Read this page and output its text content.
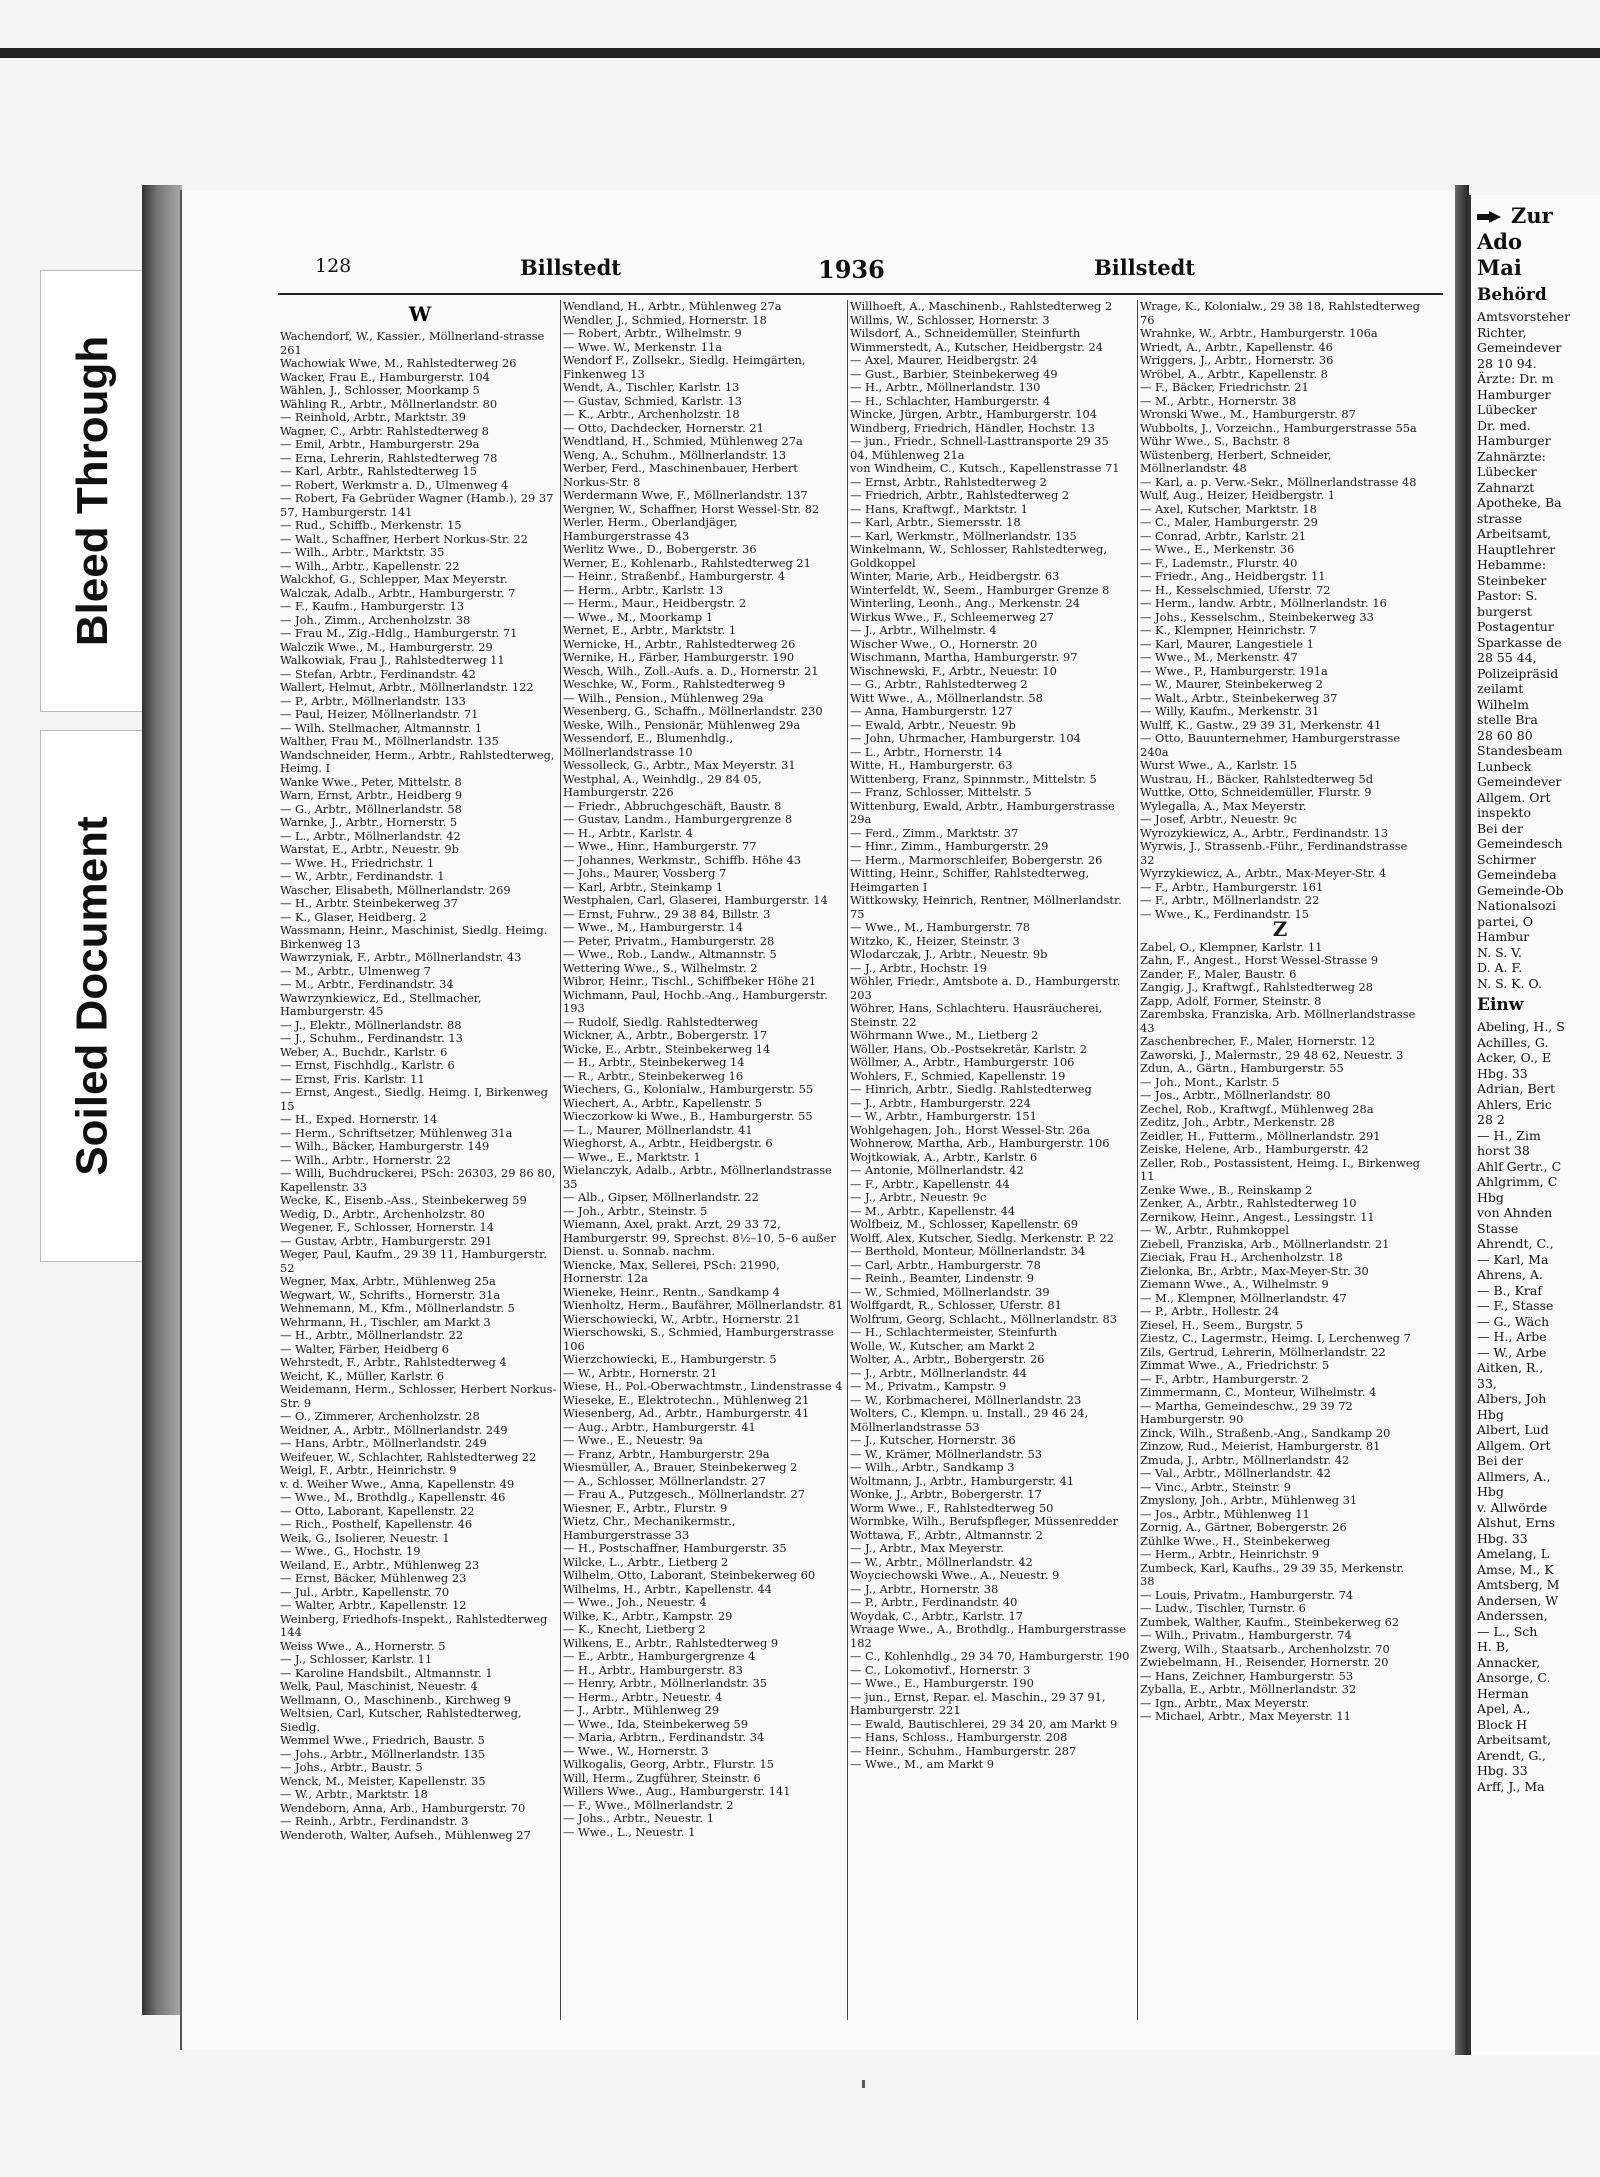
Bleed Through
Soiled Document
Zur
Ado
Mai
Behörd
Amtsvorsteher
Richter,
Gemeindever
28 10 94.
Ärzte: Dr. m
Hamburger
Lübecker
Dr. med.
Hamburger
Zahnärzte:
Lübecker
Zahnarzt
Apotheke, Ba
strasse
Arbeitsamt,
Hauptlehrer
Hebamme:
Steinbeker
Pastor: S.
burgerst
Postagentur
Sparkasse de
28 55 44,
Polizeipräsid
zeilamt
Wilhelm
stelle Bra
28 60 80
Standesbeam
Lunbeck
Gemeindever
Allgem. Ort
inspekto
Bei der
Gemeindesch
Schirmer
Gemeindeba
Gemeinde-Ob
Nationalsozi
partei, O
Hambur
N. S. V.
D. A. F.
N. S. K. O.
Einw
Abeling, H., S
Achilles, G.
Acker, O., E
Hbg. 33
Adrian, Bert
Ahlers, Eric
28 2
— H., Zim
horst 38
Ahlf Gertr., C
Ahlgrimm, C
Hbg
von Ahnden
Stasse
Ahrendt, C.,
— Karl, Ma
Ahrens, A.
— B., Kraf
— F., Stasse
— G., Wäch
— H., Arbe
— W., Arbe
Aitken, R.,
33,
Albers, Joh
Hbg
Albert, Lud
Allgem. Ort
Bei der
Allmers, A.,
Hbg
v. Allwörde
Alshut, Erns
Hbg. 33
Amelang, L
Amse, M., K
Amtsberg, M
Andersen, W
Anderssen,
— L., Sch
H. B,
Annacker,
Ansorge, C.
Herman
Apel, A.,
Block H
Arbeitsamt,
Arendt, G.,
Hbg. 33
Arff, J., Ma
128	Billstedt	1936	Billstedt
W
Wachendorf, W., Kassier., Möllnerland-strasse 261
Wachowiak Wwe, M., Rahlstedterweg 26
Wacker, Frau E., Hamburgerstr. 104
Wählen, J., Schlosser, Moorkamp 5
Wähling R., Arbtr., Möllnerlandstr. 80
— Reinhold, Arbtr., Marktstr. 39
Wagner, C., Arbtr. Rahlstedterweg 8
— Emil, Arbtr., Hamburgerstr. 29a
— Erna, Lehrerin, Rahlstedterweg 78
— Karl, Arbtr., Rahlstedterweg 15
— Robert, Werkmstr a. D., Ulmenweg 4
— Robert, Fa Gebrüder Wagner (Hamb.), 29 37 57, Hamburgerstr. 141
— Rud., Schiffb., Merkenstr. 15
— Walt., Schaffner, Herbert Norkus-Str. 22
— Wilh., Arbtr., Marktstr. 35
— Wilh., Arbtr., Kapellenstr. 22
Walckhof, G., Schlepper, Max Meyerstr.
Walczak, Adalb., Arbtr., Hamburgerstr. 7
— F., Kaufm., Hamburgerstr. 13
— Joh., Zimm., Archenholzstr. 38
— Frau M., Zig.-Hdlg., Hamburgerstr. 71
Walczik Wwe., M., Hamburgerstr. 29
Walkowiak, Frau J., Rahlstedterweg 11
— Stefan, Arbtr., Ferdinandstr. 42
Wallert, Helmut, Arbtr., Möllnerlandstr. 122
— P., Arbtr., Möllnerlandstr. 133
— Paul, Heizer, Möllnerlandstr. 71
— Wilh. Stellmacher, Altmannstr. 1
Walther, Frau M., Möllnerlandstr. 135
Wandschneider, Herm., Arbtr., Rahlstedterweg, Heimg. I
Wanke Wwe., Peter, Mittelstr. 8
Warn, Ernst, Arbtr., Heidberg 9
— G., Arbtr., Möllnerlandstr. 58
Warnke, J., Arbtr., Hornerstr. 5
— L., Arbtr., Möllnerlandstr. 42
Warstat, E., Arbtr., Neuestr. 9b
— Wwe. H., Friedrichstr. 1
— W., Arbtr., Ferdinandstr. 1
Wascher, Elisabeth, Möllnerlandstr. 269
— H., Arbtr. Steinbekerweg 37
— K., Glaser, Heidberg. 2
Wassmann, Heinr., Maschinist, Siedlg. Heimg. Birkenweg 13
Wawrzyniak, F., Arbtr., Möllnerlandstr. 43
— M., Arbtr., Ulmenweg 7
— M., Arbtr., Ferdinandstr. 34
Wawrzynkiewicz, Ed., Stellmacher, Hamburgerstr. 45
— J., Elektr., Möllnerlandstr. 88
— J., Schuhm., Ferdinandstr. 13
Weber, A., Buchdr., Karlstr. 6
— Ernst, Fischhdlg., Karlstr. 6
— Ernst, Fris. Karlstr. 11
— Ernst, Angest., Siedlg. Heimg. I, Birkenweg 15
— H., Exped. Hornerstr. 14
— Herm., Schriftsetzer, Mühlenweg 31a
— Wilh., Bäcker, Hamburgerstr. 149
— Wilh., Arbtr., Hornerstr. 22
— Willi, Buchdruckerei, PSch: 26303, 29 86 80, Kapellenstr. 33
Wecke, K., Eisenb.-Ass., Steinbekerweg 59
Wedig, D., Arbtr., Archenholzstr. 80
Wegener, F., Schlosser, Hornerstr. 14
— Gustav, Arbtr., Hamburgerstr. 291
Weger, Paul, Kaufm., 29 39 11, Hamburgerstr. 52
Wegner, Max, Arbtr., Mühlenweg 25a
Wegwart, W., Schrifts., Hornerstr. 31a
Wehnemann, M., Kfm., Möllnerlandstr. 5
Wehrmann, H., Tischler, am Markt 3
— H., Arbtr., Möllnerlandstr. 22
— Walter, Färber, Heidberg 6
Wehrstedt, F., Arbtr., Rahlstedterweg 4
Weicht, K., Müller, Karlstr. 6
Weidemann, Herm., Schlosser, Herbert Norkus-Str. 9
— O., Zimmerer, Archenholzstr. 28
Weidner, A., Arbtr., Möllnerlandstr. 249
— Hans, Arbtr., Möllnerlandstr. 249
Weifeuer, W., Schlachter, Rahlstedterweg 22
Weigl, F., Arbtr., Heinrichstr. 9
v. d. Weiher Wwe., Anna, Kapellenstr. 49
— Wwe., M., Brothdlg., Kapellenstr. 46
— Otto, Laborant, Kapellenstr. 22
— Rich., Posthelf, Kapellenstr. 46
Weik, G., Isolierer, Neuestr. 1
— Wwe., G., Hochstr. 19
Weiland, E., Arbtr., Mühlenweg 23
— Ernst, Bäcker, Mühlenweg 23
— Jul., Arbtr., Kapellenstr. 70
— Walter, Arbtr., Kapellenstr. 12
Weinberg, Friedhofs-Inspekt., Rahlstedterweg 144
Weiss Wwe., A., Hornerstr. 5
— J., Schlosser, Karlstr. 11
— Karoline Handsbilt., Altmannstr. 1
Welk, Paul, Maschinist, Neuestr. 4
Wellmann, O., Maschinenb., Kirchweg 9
Weltsien, Carl, Kutscher, Rahlstedterweg, Siedlg.
Wemmel Wwe., Friedrich, Baustr. 5
— Johs., Arbtr., Möllnerlandstr. 135
— Johs., Arbtr., Baustr. 5
Wenck, M., Meister, Kapellenstr. 35
— W., Arbtr., Marktstr. 18
Wendeborn, Anna, Arb., Hamburgerstr. 70
— Reinh., Arbtr., Ferdinandstr. 3
Wenderoth, Walter, Aufseh., Mühlenweg 27
Wendland, H., Arbtr., Mühlenweg 27a
Wendler, J., Schmied, Hornerstr. 18
— Robert, Arbtr., Wilhelmstr. 9
— Wwe. W., Merkenstr. 11a
Wendorf F., Zollsekr., Siedlg. Heimgärten, Finkenweg 13
Wendt, A., Tischler, Karlstr. 13
— Gustav, Schmied, Karlstr. 13
— K., Arbtr., Archenholzstr. 18
— Otto, Dachdecker, Hornerstr. 21
Wendtland, H., Schmied, Mühlenweg 27a
Weng, A., Schuhm., Möllnerlandstr. 13
Werber, Ferd., Maschinenbauer, Herbert Norkus-Str. 8
Werdermann Wwe, F., Möllnerlandstr. 137
Wergner, W., Schaffner, Horst Wessel-Str. 82
Werler, Herm., Oberlandjäger, Hamburgerstrasse 43
Werlitz Wwe., D., Bobergerstr. 36
Werner, E., Kohlenarb., Rahlstedterweg 21
— Heinr., Straßenbf., Hamburgerstr. 4
— Herm., Arbtr., Karlstr. 13
— Herm., Maur., Heidbergstr. 2
— Wwe., M., Moorkamp 1
Wernet, E., Arbtr., Marktstr. 1
Wernicke, H., Arbtr., Rahlstedterweg 26
Wernike, H., Färber, Hamburgerstr. 190
Wesch, Wilh., Zoll.-Aufs. a. D., Hornerstr. 21
Weschke, W., Form., Rahlstedterweg 9
— Wilh., Pension., Mühlenweg 29a
Wesenberg, G., Schaffn., Möllnerlandstr. 230
Weske, Wilh., Pensionär, Mühlenweg 29a
Wessendorf, E., Blumenhdlg., Möllnerlandstrasse 10
Wessolleck, G., Arbtr., Max Meyerstr. 31
Westphal, A., Weinhdlg., 29 84 05, Hamburgerstr. 226
— Friedr., Abbruchgeschäft, Baustr. 8
— Gustav, Landm., Hamburgergrenze 8
— H., Arbtr., Karlstr. 4
— Wwe., Hinr., Hamburgerstr. 77
— Johannes, Werkmstr., Schiffb. Höhe 43
— Johs., Maurer, Vossberg 7
— Karl, Arbtr., Steinkamp 1
Westphalen, Carl, Glaserei, Hamburgerstr. 14
— Ernst, Fuhrw., 29 38 84, Billstr. 3
— Wwe., M., Hamburgerstr. 14
— Peter, Privatm., Hamburgerstr. 28
— Wwe., Rob., Landw., Altmannstr. 5
Wettering Wwe., S., Wilhelmstr. 2
Wibror, Heinr., Tischl., Schiffbeker Höhe 21
Wichmann, Paul, Hochb.-Ang., Hamburgerstr. 193
— Rudolf, Siedlg. Rahlstedterweg
Wickner, A., Arbtr., Bobergerstr. 17
Wicke, E., Arbtr., Steinbekerweg 14
— H., Arbtr., Steinbekerweg 14
— R., Arbtr., Steinbekerweg 16
Wiechers, G., Kolonialw., Hamburgerstr. 55
Wiechert, A., Arbtr., Kapellenstr. 5
Wieczorkow ki Wwe., B., Hamburgerstr. 55
— L., Maurer, Möllnerlandstr. 41
Wieghorst, A., Arbtr., Heidbergstr. 6
— Wwe., E., Marktstr. 1
Wielanczyk, Adalb., Arbtr., Möllnerlandstrasse 35
— Alb., Gipser, Möllnerlandstr. 22
— Joh., Arbtr., Steinstr. 5
Wiemann, Axel, prakt. Arzt, 29 33 72, Hamburgerstr. 99, Sprechst. 8½–10, 5–6 außer Dienst. u. Sonnab. nachm.
Wiencke, Max, Sellerei, PSch: 21990, Hornerstr. 12a
Wieneke, Heinr., Rentn., Sandkamp 4
Wienholtz, Herm., Baufährer, Möllnerlandstr. 81
Wierschowiecki, W., Arbtr., Hornerstr. 21
Wierschowski, S., Schmied, Hamburgerstrasse 106
Wierzchowiecki, E., Hamburgerstr. 5
— W., Arbtr., Hornerstr. 21
Wiese, H., Pol.-Oberwachtmstr., Lindenstrasse 4
Wieseke, E., Elektrotechn., Mühlenweg 21
Wiesenberg, Ad., Arbtr., Hamburgerstr. 41
— Aug., Arbtr., Hamburgerstr. 41
— Wwe., E., Neuestr. 9a
— Franz, Arbtr., Hamburgerstr. 29a
Wiesmüller, A., Brauer, Steinbekerweg 2
— A., Schlosser, Möllnerlandstr. 27
— Frau A., Putzgesch., Möllnerlandstr. 27
Wiesner, F., Arbtr., Flurstr. 9
Wietz, Chr., Mechanikermstr., Hamburgerstrasse 33
— H., Postschaffner, Hamburgerstr. 35
Wilcke, L., Arbtr., Lietberg 2
Wilhelm, Otto, Laborant, Steinbekerweg 60
Wilhelms, H., Arbtr., Kapellenstr. 44
— Wwe., Joh., Neuestr. 4
Wilke, K., Arbtr., Kampstr. 29
— K., Knecht, Lietberg 2
Wilkens, E., Arbtr., Rahlstedterweg 9
— E., Arbtr., Hamburgergrenze 4
— H., Arbtr., Hamburgerstr. 83
— Henry, Arbtr., Möllnerlandstr. 35
— Herm., Arbtr., Neuestr. 4
— J., Arbtr., Mühlenweg 29
— Wwe., Ida, Steinbekerweg 59
— Maria, Arbtrn., Ferdinandstr. 34
— Wwe., W., Hornerstr. 3
Wilkogalis, Georg, Arbtr., Flurstr. 15
Will, Herm., Zugführer, Steinstr. 6
Willers Wwe., Aug., Hamburgerstr. 141
— F., Wwe., Möllnerlandstr. 2
— Johs., Arbtr., Neuestr. 1
— Wwe., L., Neuestr. 1
Willhoeft, A., Maschinenb., Rahlstedterweg 2
Willms, W., Schlosser, Hornerstr. 3
Wilsdorf, A., Schneidemüller, Steinfurth
Wimmerstedt, A., Kutscher, Heidbergstr. 24
— Axel, Maurer, Heidbergstr. 24
— Gust., Barbier, Steinbekerweg 49
— H., Arbtr., Möllnerlandstr. 130
— H., Schlachter, Hamburgerstr. 4
Wincke, Jürgen, Arbtr., Hamburgerstr. 104
Windberg, Friedrich, Händler, Hochstr. 13
— jun., Friedr., Schnell-Lasttransporte 29 35 04, Mühlenweg 21a
von Windheim, C., Kutsch., Kapellenstrasse 71
— Ernst, Arbtr., Rahlstedterweg 2
— Friedrich, Arbtr., Rahlstedterweg 2
— Hans, Kraftwgf., Marktstr. 1
— Karl, Arbtr., Siemersstr. 18
— Karl, Werkmstr., Möllnerlandstr. 135
Winkelmann, W., Schlosser, Rahlstedterweg, Goldkoppel
Winter, Marie, Arb., Heidbergstr. 63
Winterfeldt, W., Seem., Hamburger Grenze 8
Winterling, Leonh., Ang., Merkenstr. 24
Wirkus Wwe., F., Schleemerweg 27
— J., Arbtr., Wilhelmstr. 4
Wischer Wwe., O., Hornerstr. 20
Wischmann, Martha, Hamburgerstr. 97
Wischnewski, F., Arbtr., Neuestr. 10
— G., Arbtr., Rahlstedterweg 2
Witt Wwe., A., Möllnerlandstr. 58
— Anna, Hamburgerstr. 127
— Ewald, Arbtr., Neuestr. 9b
— John, Uhrmacher, Hamburgerstr. 104
— L., Arbtr., Hornerstr. 14
Witte, H., Hamburgerstr. 63
Wittenberg, Franz, Spinnmstr., Mittelstr. 5
— Franz, Schlosser, Mittelstr. 5
Wittenburg, Ewald, Arbtr., Hamburgerstrasse 29a
— Ferd., Zimm., Marktstr. 37
— Hinr., Zimm., Hamburgerstr. 29
— Herm., Marmorschleifer, Bobergerstr. 26
Witting, Heinr., Schiffer, Rahlstedterweg, Heimgarten I
Wittkowsky, Heinrich, Rentner, Möllnerlandstr. 75
— Wwe., M., Hamburgerstr. 78
Witzko, K., Heizer, Steinstr. 3
Wlodarczak, J., Arbtr., Neuestr. 9b
— J., Arbtr., Hochstr. 19
Wöhler, Friedr., Amtsbote a. D., Hamburgerstr. 203
Wöhrer, Hans, Schlachteru. Hausräucherei, Steinstr. 22
Wöhrmann Wwe., M., Lietberg 2
Wöller, Hans, Ob.-Postsekretär, Karlstr. 2
Wöllmer, A., Arbtr., Hamburgerstr. 106
Wohlers, F., Schmied, Kapellenstr. 19
— Hinrich, Arbtr., Siedlg. Rahlstedterweg
— J., Arbtr., Hamburgerstr. 224
— W., Arbtr., Hamburgerstr. 151
Wohlgehagen, Joh., Horst Wessel-Str. 26a
Wohnerow, Martha, Arb., Hamburgerstr. 106
Wojtkowiak, A., Arbtr., Karlstr. 6
— Antonie, Möllnerlandstr. 42
— F., Arbtr., Kapellenstr. 44
— J., Arbtr., Neuestr. 9c
— M., Arbtr., Kapellenstr. 44
Wolfbeiz, M., Schlosser, Kapellenstr. 69
Wolff, Alex, Kutscher, Siedlg. Merkenstr. P. 22
— Berthold, Monteur, Möllnerlandstr. 34
— Carl, Arbtr., Hamburgerstr. 78
— Reinh., Beamter, Lindenstr. 9
— W., Schmied, Möllnerlandstr. 39
Wolffgardt, R., Schlosser, Uferstr. 81
Wolfrum, Georg, Schlacht., Möllnerlandstr. 83
— H., Schlachtermeister, Steinfurth
Wolle, W., Kutscher, am Markt 2
Wolter, A., Arbtr., Bobergerstr. 26
— J., Arbtr., Möllnerlandstr. 44
— M., Privatm., Kampstr. 9
— W., Korbmacherei, Möllnerlandstr. 23
Wolters, C., Klempn. u. Install., 29 46 24, Möllnerlandstrasse 53
— J., Kutscher, Hornerstr. 36
— W., Krämer, Möllnerlandstr. 53
— Wilh., Arbtr., Sandkamp 3
Woltmann, J., Arbtr., Hamburgerstr. 41
Wonke, J., Arbtr., Bobergerstr. 17
Worm Wwe., F., Rahlstedterweg 50
Wormbke, Wilh., Berufspfleger, Müssenredder
Wottawa, F., Arbtr., Altmannstr. 2
— J., Arbtr., Max Meyerstr.
— W., Arbtr., Möllnerlandstr. 42
Woyciechowski Wwe., A., Neuestr. 9
— J., Arbtr., Hornerstr. 38
— P., Arbtr., Ferdinandstr. 40
Woydak, C., Arbtr., Karlstr. 17
Wraage Wwe., A., Brothdlg., Hamburgerstrasse 182
— C., Kohlenhdlg., 29 34 70, Hamburgerstr. 190
— C., Lokomotivf., Hornerstr. 3
— Wwe., E., Hamburgerstr. 190
— jun., Ernst, Repar. el. Maschin., 29 37 91, Hamburgerstr. 221
— Ewald, Bautischlerei, 29 34 20, am Markt 9
— Hans, Schloss., Hamburgerstr. 208
— Heinr., Schuhm., Hamburgerstr. 287
— Wwe., M., am Markt 9
Wrage, K., Kolonialw., 29 38 18, Rahlstedterweg 76
Wrahnke, W., Arbtr., Hamburgerstr. 106a
Wriedt, A., Arbtr., Kapellenstr. 46
Wriggers, J., Arbtr., Hornerstr. 36
Wröbel, A., Arbtr., Kapellenstr. 8
— F., Bäcker, Friedrichstr. 21
— M., Arbtr., Hornerstr. 38
Wronski Wwe., M., Hamburgerstr. 87
Wubbolts, J., Vorzeichn., Hamburgerstrasse 55a
Wühr Wwe., S., Bachstr. 8
Wüstenberg, Herbert, Schneider, Möllnerlandstr. 48
— Karl, a. p. Verw.-Sekr., Möllnerlandstrasse 48
Wulf, Aug., Heizer, Heidbergstr. 1
— Axel, Kutscher, Marktstr. 18
— C., Maler, Hamburgerstr. 29
— Conrad, Arbtr., Karlstr. 21
— Wwe., E., Merkenstr. 36
— F., Lademstr., Flurstr. 40
— Friedr., Ang., Heidbergstr. 11
— H., Kesselschmied, Uferstr. 72
— Herm., landw. Arbtr., Möllnerlandstr. 16
— Johs., Kesselschm., Steinbekerweg 33
— K., Klempner, Heinrichstr. 7
— Karl, Maurer, Langestiele 1
— Wwe., M., Merkenstr. 47
— Wwe., P., Hamburgerstr. 191a
— W., Maurer, Steinbekerweg 2
— Walt., Arbtr., Steinbekerweg 37
— Willy, Kaufm., Merkenstr. 31
Wulff, K., Gastw., 29 39 31, Merkenstr. 41
— Otto, Bauunternehmer, Hamburgerstrasse 240a
Wurst Wwe., A., Karlstr. 15
Wustrau, H., Bäcker, Rahlstedterweg 5d
Wuttke, Otto, Schneidemüller, Flurstr. 9
Wylegalla, A., Max Meyerstr.
— Josef, Arbtr., Neuestr. 9c
Wyrozykiewicz, A., Arbtr., Ferdinandstr. 13
Wyrwis, J., Strassenb.-Führ., Ferdinandstrasse 32
Wyrzykiewicz, A., Arbtr., Max-Meyer-Str. 4
— F., Arbtr., Hamburgerstr. 161
— F., Arbtr., Möllnerlandstr. 22
— Wwe., K., Ferdinandstr. 15
Z
Zabel, O., Klempner, Karlstr. 11
Zahn, F., Angest., Horst Wessel-Strasse 9
Zander, F., Maler, Baustr. 6
Zangig, J., Kraftwgf., Rahlstedterweg 28
Zapp, Adolf, Former, Steinstr. 8
Zarembska, Franziska, Arb. Möllnerlandstrasse 43
Zaschenbrecher, F., Maler, Hornerstr. 12
Zaworski, J., Malermstr., 29 48 62, Neuestr. 3
Zdun, A., Gärtn., Hamburgerstr. 55
— Joh., Mont., Karlstr. 5
— Jos., Arbtr., Möllnerlandstr. 80
Zechel, Rob., Kraftwgf., Mühlenweg 28a
Zeditz, Joh., Arbtr., Merkenstr. 28
Zeidler, H., Futterm., Möllnerlandstr. 291
Zeiske, Helene, Arb., Hamburgerstr. 42
Zeller, Rob., Postassistent, Heimg. I., Birkenweg 11
Zenke Wwe., B., Reinskamp 2
Zenker, A., Arbtr., Rahlstedterweg 10
Zernikow, Heinr., Angest., Lessingstr. 11
— W., Arbtr., Ruhmkoppel
Ziebell, Franziska, Arb., Möllnerlandstr. 21
Zieciak, Frau H., Archenholzstr. 18
Zielonka, Br., Arbtr., Max-Meyer-Str. 30
Ziemann Wwe., A., Wilhelmstr. 9
— M., Klempner, Möllnerlandstr. 47
— P., Arbtr., Hollestr. 24
Ziesel, H., Seem., Burgstr. 5
Ziestz, C., Lagermstr., Heimg. I, Lerchenweg 7
Zils, Gertrud, Lehrerin, Möllnerlandstr. 22
Zimmat Wwe., A., Friedrichstr. 5
— F., Arbtr., Hamburgerstr. 2
Zimmermann, C., Monteur, Wilhelmstr. 4
— Martha, Gemeindeschw., 29 39 72 Hamburgerstr. 90
Zinck, Wilh., Straßenb.-Ang., Sandkamp 20
Zinzow, Rud., Meierist, Hamburgerstr. 81
Zmuda, J., Arbtr., Möllnerlandstr. 42
— Val., Arbtr., Möllnerlandstr. 42
— Vinc., Arbtr., Steinstr. 9
Zmyslony, Joh., Arbtr., Mühlenweg 31
— Jos., Arbtr., Mühlenweg 11
Zornig, A., Gärtner, Bobergerstr. 26
Zühlke Wwe., H., Steinbekerweg
— Herm., Arbtr., Heinrichstr. 9
Zumbeck, Karl, Kaufhs., 29 39 35, Merkenstr. 38
— Louis, Privatm., Hamburgerstr. 74
— Ludw., Tischler, Turnstr. 6
Zumbek, Walther, Kaufm., Steinbekerweg 62
— Wilh., Privatm., Hamburgerstr. 74
Zwerg, Wilh., Staatsarb., Archenholzstr. 70
Zwiebelmann, H., Reisender, Hornerstr. 20
— Hans, Zeichner, Hamburgerstr. 53
Zyballa, E., Arbtr., Möllnerlandstr. 32
— Ign., Arbtr., Max Meyerstr.
— Michael, Arbtr., Max Meyerstr. 11
